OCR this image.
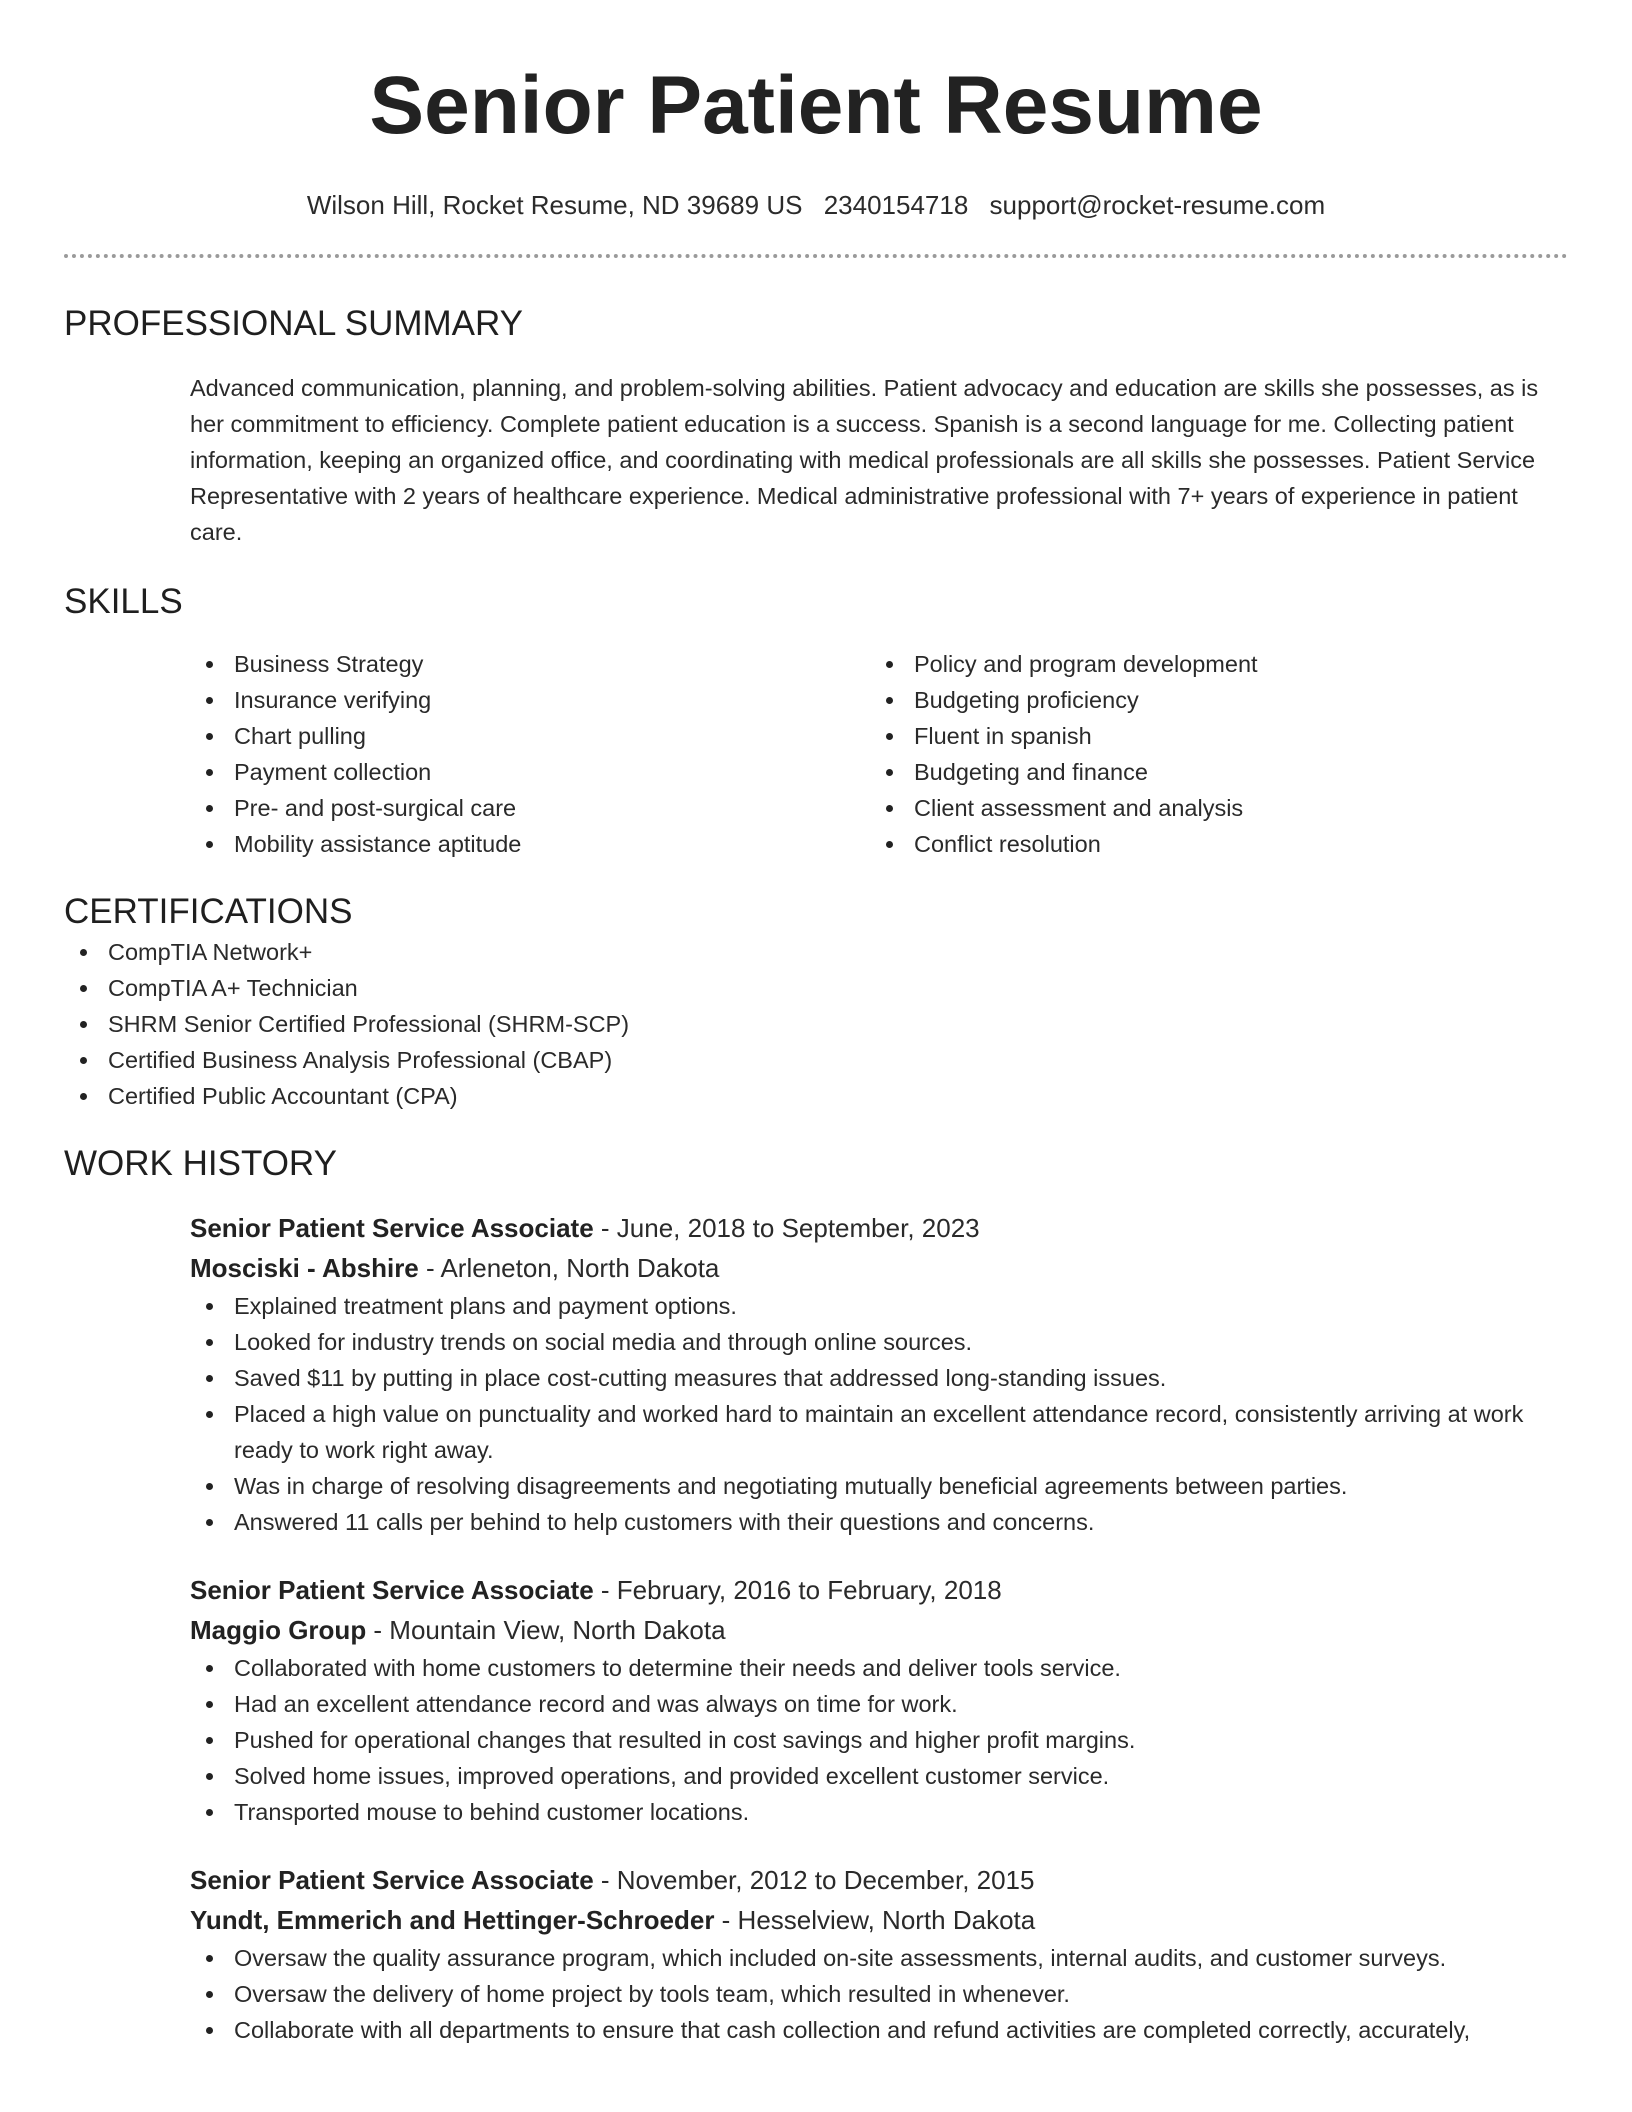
Senior Patient Resume
Wilson Hill, Rocket Resume, ND 39689 US 2340154718 support@rocket-resume.com
PROFESSIONAL SUMMARY

Advanced communication, planning, and problem-solving abilities. Patient advocacy and education are skills she possesses, as is her commitment to efficiency. Complete patient education is a success. Spanish is a second language for me. Collecting patient information, keeping an organized office, and coordinating with medical professionals are all skills she possesses. Patient Service Representative with 2 years of healthcare experience. Medical administrative professional with 7+ years of experience in patient care.

SKILLS
Business Strategy
Insurance verifying
Chart pulling
Payment collection
Pre- and post-surgical care
Mobility assistance aptitude
Policy and program development
Budgeting proficiency
Fluent in spanish
Budgeting and finance
Client assessment and analysis
Conflict resolution
CERTIFICATIONS
CompTIA Network+
CompTIA A+ Technician
SHRM Senior Certified Professional (SHRM-SCP)
Certified Business Analysis Professional (CBAP)
Certified Public Accountant (CPA)
WORK HISTORY
Senior Patient Service Associate - June, 2018 to September, 2023
Mosciski - Abshire - Arleneton, North Dakota
Explained treatment plans and payment options.
Looked for industry trends on social media and through online sources.
Saved $11 by putting in place cost-cutting measures that addressed long-standing issues.
Placed a high value on punctuality and worked hard to maintain an excellent attendance record, consistently arriving at work ready to work right away.
Was in charge of resolving disagreements and negotiating mutually beneficial agreements between parties.
Answered 11 calls per behind to help customers with their questions and concerns.
Senior Patient Service Associate - February, 2016 to February, 2018
Maggio Group - Mountain View, North Dakota
Collaborated with home customers to determine their needs and deliver tools service.
Had an excellent attendance record and was always on time for work.
Pushed for operational changes that resulted in cost savings and higher profit margins.
Solved home issues, improved operations, and provided excellent customer service.
Transported mouse to behind customer locations.
Senior Patient Service Associate - November, 2012 to December, 2015
Yundt, Emmerich and Hettinger-Schroeder - Hesselview, North Dakota
Oversaw the quality assurance program, which included on-site assessments, internal audits, and customer surveys.
Oversaw the delivery of home project by tools team, which resulted in whenever.
Collaborate with all departments to ensure that cash collection and refund activities are completed correctly, accurately,
